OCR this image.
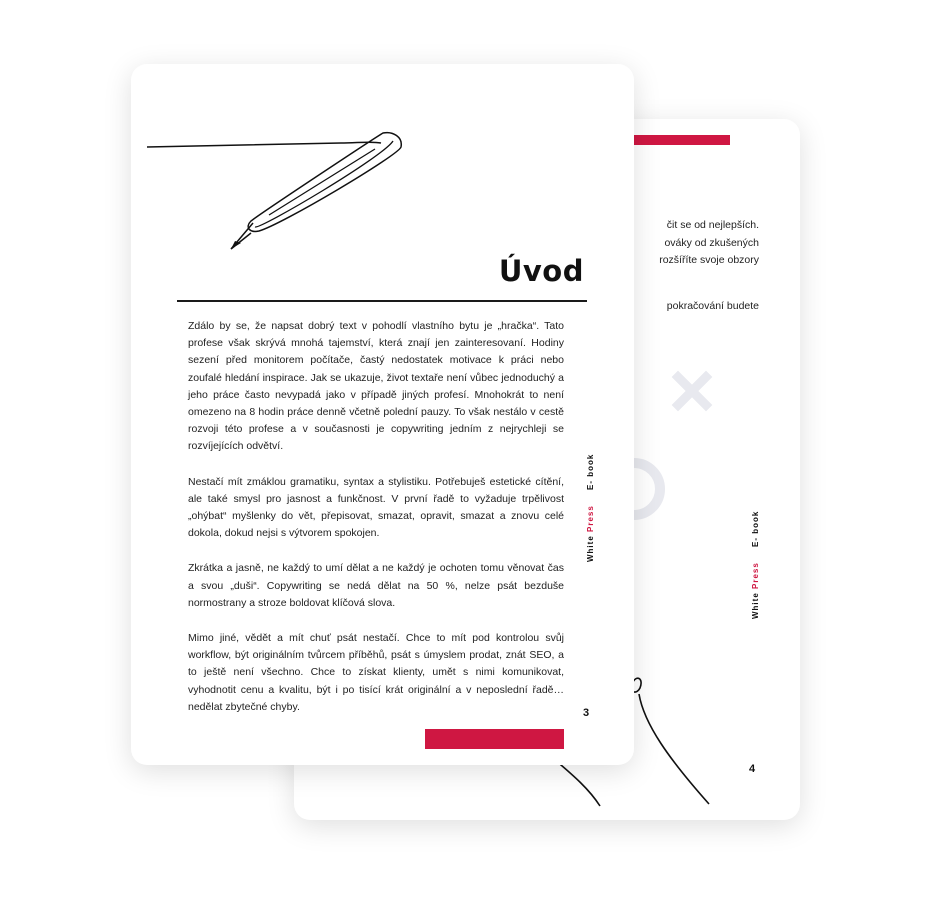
čit se od nejlepších.
ováky od zkušených
rozšíříte svoje obzory
pokračování budete
White Press E- book
4
Úvod

Zdálo by se, že napsat dobrý text v pohodlí vlastního bytu je „hračka“. Tato profese však skrývá mnohá tajemství, která znají jen zainteresovaní. Hodiny sezení před monitorem počítače, častý nedostatek motivace k práci nebo zoufalé hledání inspirace. Jak se ukazuje, život textaře není vůbec jednoduchý a jeho práce často nevypadá jako v případě jiných profesí. Mnohokrát to není omezeno na 8 hodin práce denně včetně polední pauzy. To však nestálo v cestě rozvoji této profese a v současnosti je copywriting jedním z nejrychleji se rozvíjejících odvětví.

Nestačí mít zmáklou gramatiku, syntax a stylistiku. Potřebuješ estetické cítění, ale také smysl pro jasnost a funkčnost. V první řadě to vyžaduje trpělivost „ohýbat“ myšlenky do vět, přepisovat, smazat, opravit, smazat a znovu celé dokola, dokud nejsi s výtvorem spokojen.

Zkrátka a jasně, ne každý to umí dělat a ne každý je ochoten tomu věnovat čas a svou „duši“. Copywriting se nedá dělat na 50 %, nelze psát bezduše normostrany a stroze boldovat klíčová slova.

Mimo jiné, vědět a mít chuť psát nestačí. Chce to mít pod kontrolou svůj workflow, být originálním tvůrcem příběhů, psát s úmyslem prodat, znát SEO, a to ještě není všechno. Chce to získat klienty, umět s nimi komunikovat, vyhodnotit cenu a kvalitu, být i po tisící krát originální a v neposlední řadě… nedělat zbytečné chyby.

White Press E- book
3
